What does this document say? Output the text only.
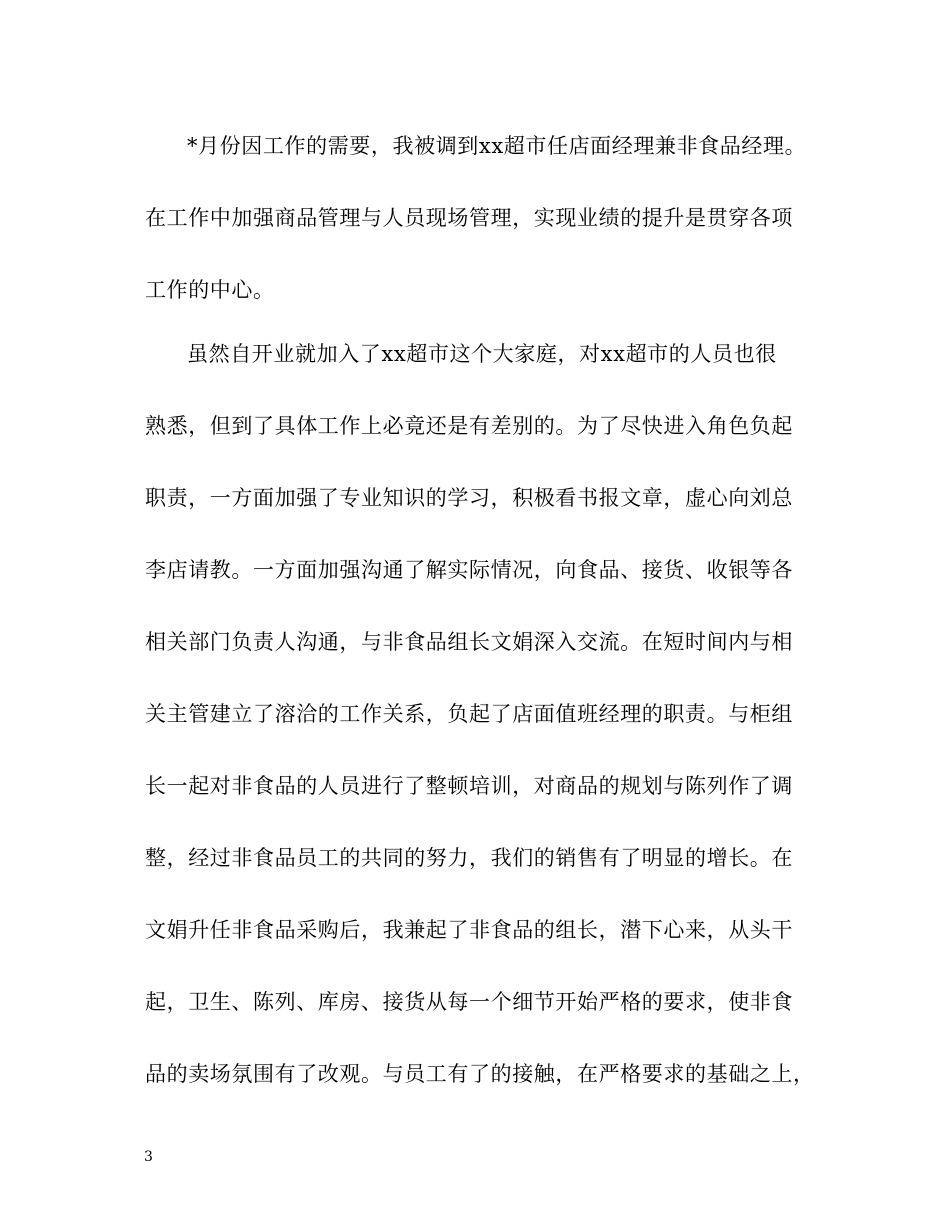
*月份因工作的需要，我被调到xx超市任店面经理兼非食品经理。
在工作中加强商品管理与人员现场管理，实现业绩的提升是贯穿各项
工作的中心。
虽然自开业就加入了xx超市这个大家庭，对xx超市的人员也很
熟悉，但到了具体工作上必竟还是有差别的。为了尽快进入角色负起
职责，一方面加强了专业知识的学习，积极看书报文章，虚心向刘总
李店请教。一方面加强沟通了解实际情况，向食品、接货、收银等各
相关部门负责人沟通，与非食品组长文娟深入交流。在短时间内与相
关主管建立了溶洽的工作关系，负起了店面值班经理的职责。与柜组
长一起对非食品的人员进行了整顿培训，对商品的规划与陈列作了调
整，经过非食品员工的共同的努力，我们的销售有了明显的增长。在
文娟升任非食品采购后，我兼起了非食品的组长，潜下心来，从头干
起，卫生、陈列、库房、接货从每一个细节开始严格的要求，使非食
品的卖场氛围有了改观。与员工有了的接触，在严格要求的基础之上，
3
